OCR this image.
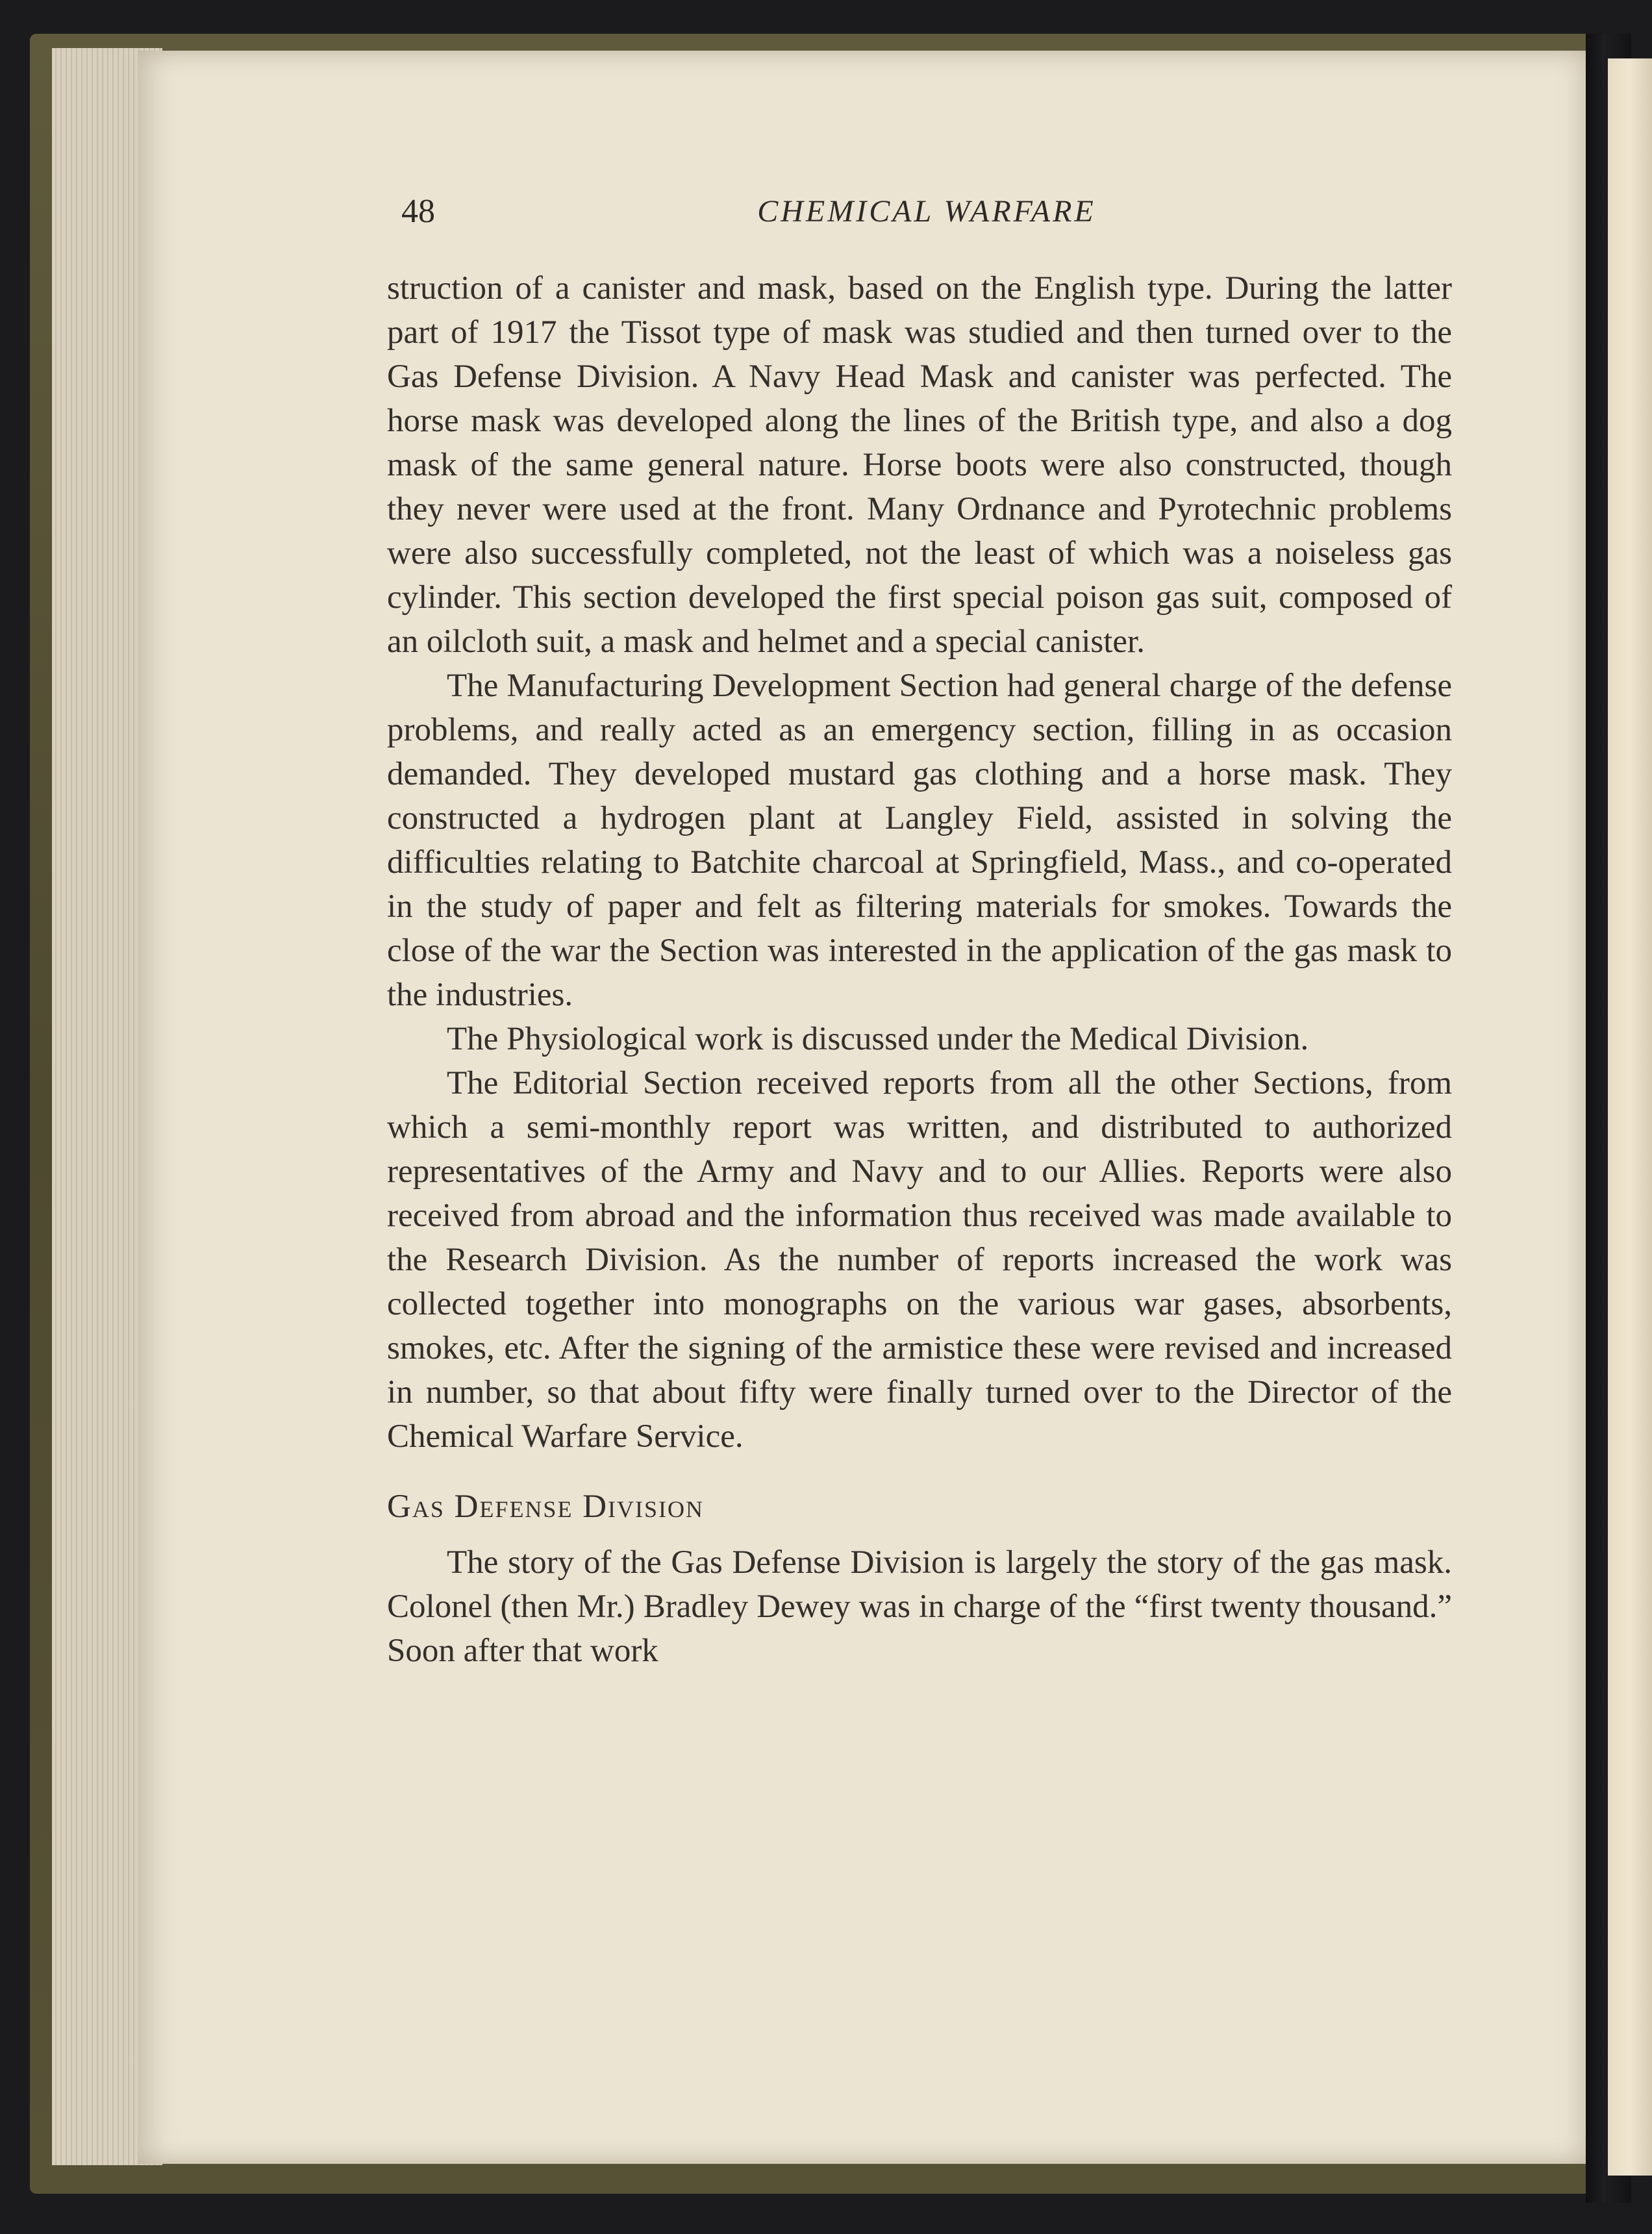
48	CHEMICAL WARFARE

struction of a canister and mask, based on the English type. During the latter part of 1917 the Tissot type of mask was studied and then turned over to the Gas Defense Division. A Navy Head Mask and canister was perfected. The horse mask was developed along the lines of the British type, and also a dog mask of the same general nature. Horse boots were also constructed, though they never were used at the front. Many Ordnance and Pyrotechnic problems were also successfully completed, not the least of which was a noiseless gas cylinder. This section developed the first special poison gas suit, composed of an oilcloth suit, a mask and helmet and a special canister.

The Manufacturing Development Section had general charge of the defense problems, and really acted as an emergency section, filling in as occasion demanded. They developed mustard gas clothing and a horse mask. They constructed a hydrogen plant at Langley Field, assisted in solving the difficulties relating to Batchite charcoal at Springfield, Mass., and co-operated in the study of paper and felt as filtering materials for smokes. Towards the close of the war the Section was interested in the application of the gas mask to the industries.

The Physiological work is discussed under the Medical Division.

The Editorial Section received reports from all the other Sections, from which a semi-monthly report was written, and distributed to authorized representatives of the Army and Navy and to our Allies. Reports were also received from abroad and the information thus received was made available to the Research Division. As the number of reports increased the work was collected together into monographs on the various war gases, absorbents, smokes, etc. After the signing of the armistice these were revised and increased in number, so that about fifty were finally turned over to the Director of the Chemical Warfare Service.

Gas Defense Division

The story of the Gas Defense Division is largely the story of the gas mask. Colonel (then Mr.) Bradley Dewey was in charge of the “first twenty thousand.” Soon after that work
